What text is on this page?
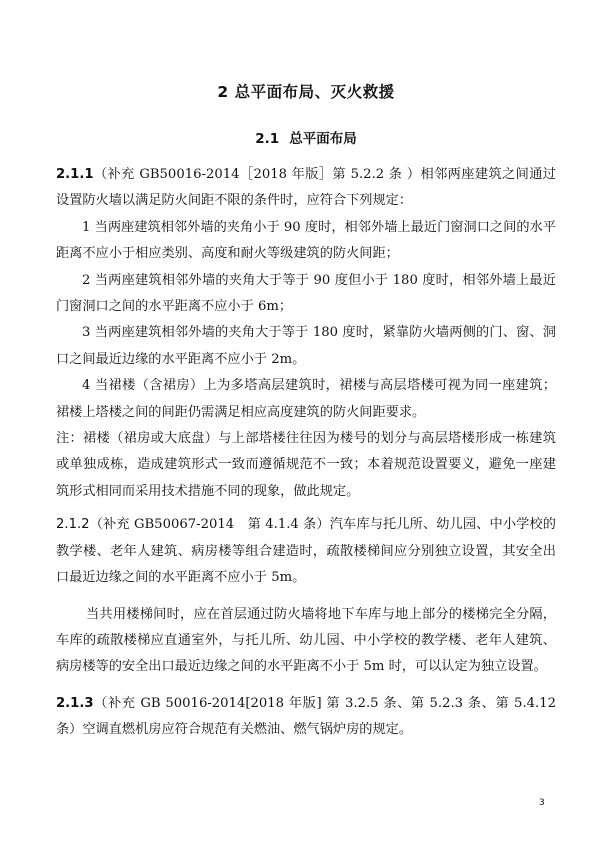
2 总平面布局、灭火救援
2.1 总平面布局

2.1.1（补充 GB50016-2014［2018 年版］第 5.2.2 条 ）相邻两座建筑之间通过设置防火墙以满足防火间距不限的条件时，应符合下列规定：

1 当两座建筑相邻外墙的夹角小于 90 度时，相邻外墙上最近门窗洞口之间的水平距离不应小于相应类别、高度和耐火等级建筑的防火间距；

2 当两座建筑相邻外墙的夹角大于等于 90 度但小于 180 度时，相邻外墙上最近门窗洞口之间的水平距离不应小于 6m；

3 当两座建筑相邻外墙的夹角大于等于 180 度时，紧靠防火墙两侧的门、窗、洞口之间最近边缘的水平距离不应小于 2m。

4 当裙楼（含裙房）上为多塔高层建筑时，裙楼与高层塔楼可视为同一座建筑；裙楼上塔楼之间的间距仍需满足相应高度建筑的防火间距要求。

注：裙楼（裙房或大底盘）与上部塔楼往往因为楼号的划分与高层塔楼形成一栋建筑或单独成栋，造成建筑形式一致而遵循规范不一致；本着规范设置要义，避免一座建筑形式相同而采用技术措施不同的现象，做此规定。

2.1.2（补充 GB50067-2014　第 4.1.4 条）汽车库与托儿所、幼儿园、中小学校的教学楼、老年人建筑、病房楼等组合建造时，疏散楼梯间应分别独立设置，其安全出口最近边缘之间的水平距离不应小于 5m。

当共用楼梯间时，应在首层通过防火墙将地下车库与地上部分的楼梯完全分隔，车库的疏散楼梯应直通室外，与托儿所、幼儿园、中小学校的教学楼、老年人建筑、病房楼等的安全出口最近边缘之间的水平距离不小于 5m 时，可以认定为独立设置。

2.1.3（补充 GB 50016-2014[2018 年版] 第 3.2.5 条、第 5.2.3 条、第 5.4.12 条）空调直燃机房应符合规范有关燃油、燃气锅炉房的规定。

3
